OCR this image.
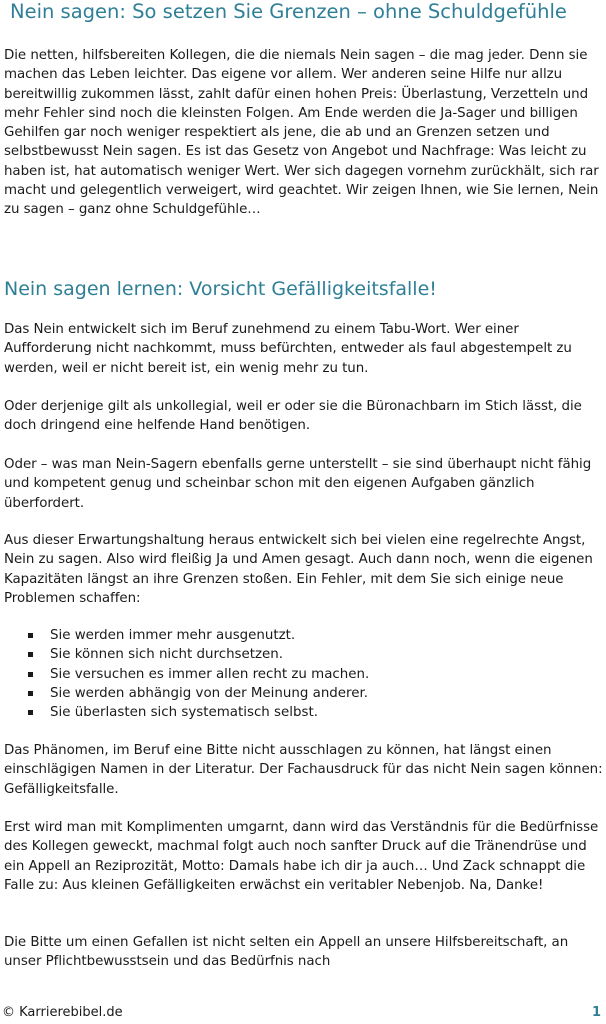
Nein sagen: So setzen Sie Grenzen – ohne Schuldgefühle

Die netten, hilfsbereiten Kollegen, die die niemals Nein sagen – die mag jeder. Denn sie machen das Leben leichter. Das eigene vor allem. Wer anderen seine Hilfe nur allzu bereitwillig zukommen lässt, zahlt dafür einen hohen Preis: Überlastung, Verzetteln und mehr Fehler sind noch die kleinsten Folgen. Am Ende werden die Ja-Sager und billigen Gehilfen gar noch weniger respektiert als jene, die ab und an Grenzen setzen und selbstbewusst Nein sagen. Es ist das Gesetz von Angebot und Nachfrage: Was leicht zu haben ist, hat automatisch weniger Wert. Wer sich dagegen vornehm zurückhält, sich rar macht und gelegentlich verweigert, wird geachtet. Wir zeigen Ihnen, wie Sie lernen, Nein zu sagen – ganz ohne Schuldgefühle…

Nein sagen lernen: Vorsicht Gefälligkeitsfalle!

Das Nein entwickelt sich im Beruf zunehmend zu einem Tabu-Wort. Wer einer Aufforderung nicht nachkommt, muss befürchten, entweder als faul abgestempelt zu werden, weil er nicht bereit ist, ein wenig mehr zu tun.

Oder derjenige gilt als unkollegial, weil er oder sie die Büronachbarn im Stich lässt, die doch dringend eine helfende Hand benötigen.

Oder – was man Nein-Sagern ebenfalls gerne unterstellt – sie sind überhaupt nicht fähig und kompetent genug und scheinbar schon mit den eigenen Aufgaben gänzlich überfordert.

Aus dieser Erwartungshaltung heraus entwickelt sich bei vielen eine regelrechte Angst, Nein zu sagen. Also wird fleißig Ja und Amen gesagt. Auch dann noch, wenn die eigenen Kapazitäten längst an ihre Grenzen stoßen. Ein Fehler, mit dem Sie sich einige neue Problemen schaffen:

Sie werden immer mehr ausgenutzt.
Sie können sich nicht durchsetzen.
Sie versuchen es immer allen recht zu machen.
Sie werden abhängig von der Meinung anderer.
Sie überlasten sich systematisch selbst.

Das Phänomen, im Beruf eine Bitte nicht ausschlagen zu können, hat längst einen einschlägigen Namen in der Literatur. Der Fachausdruck für das nicht Nein sagen können: Gefälligkeitsfalle.

Erst wird man mit Komplimenten umgarnt, dann wird das Verständnis für die Bedürfnisse des Kollegen geweckt, machmal folgt auch noch sanfter Druck auf die Tränendrüse und ein Appell an Reziprozität, Motto: Damals habe ich dir ja auch… Und Zack schnappt die Falle zu: Aus kleinen Gefälligkeiten erwächst ein veritabler Nebenjob. Na, Danke!

Die Bitte um einen Gefallen ist nicht selten ein Appell an unsere Hilfsbereitschaft, an unser Pflichtbewusstsein und das Bedürfnis nach

© Karrierebibel.de	1
